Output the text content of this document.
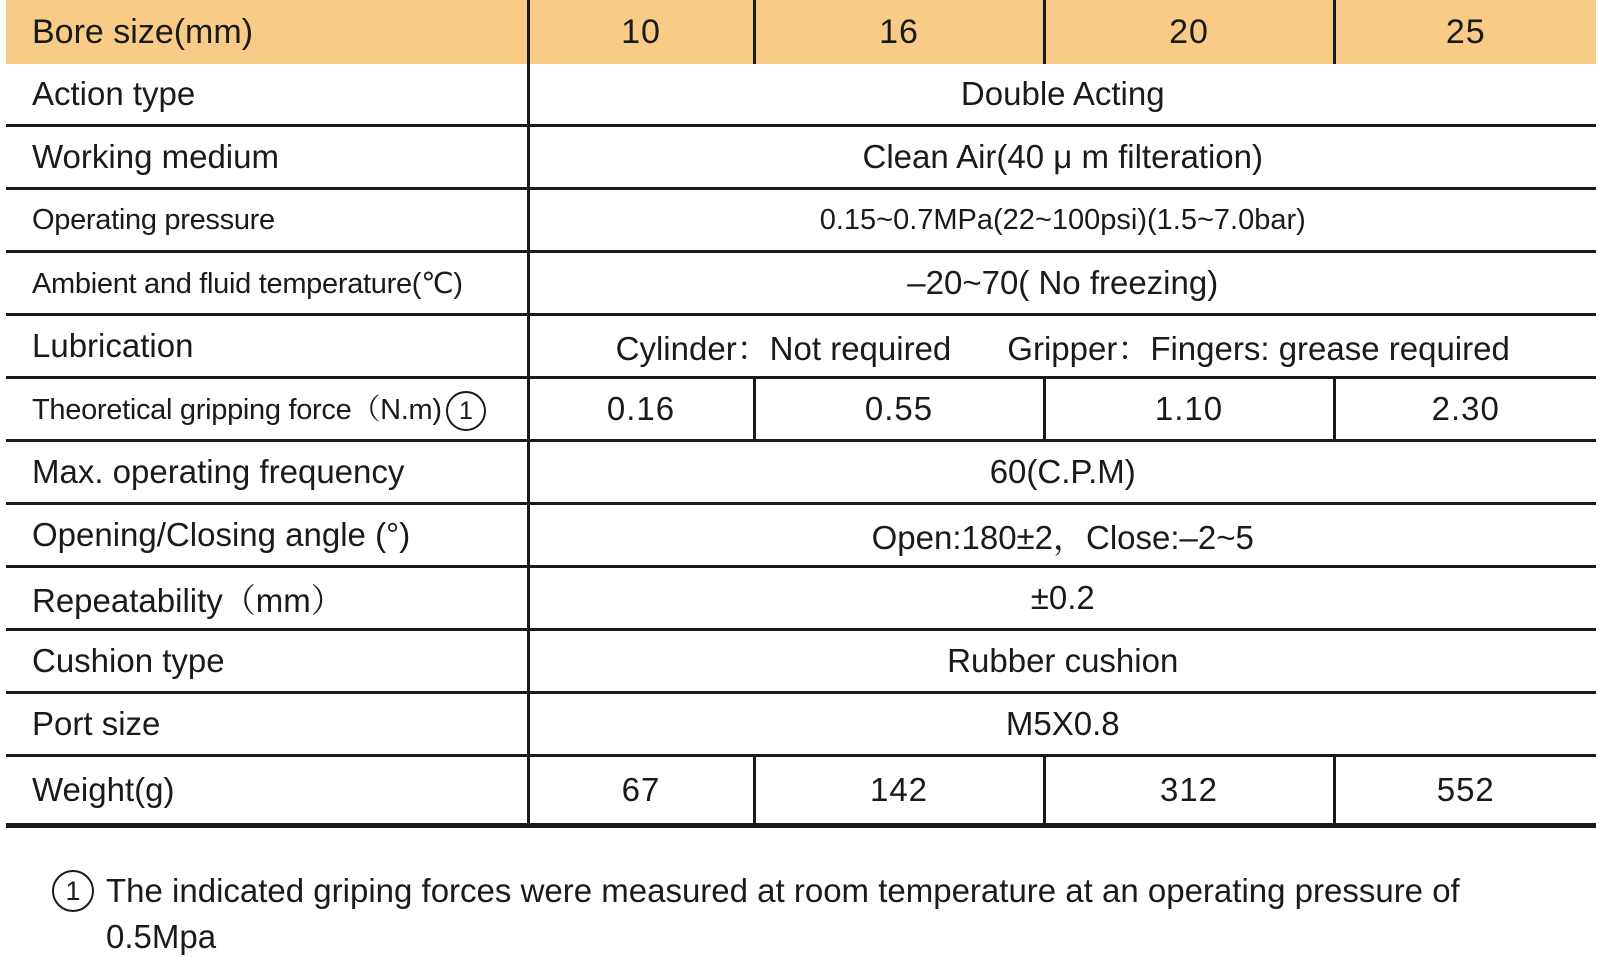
Bore size(mm)	10	16	20	25
Action type	Double Acting			
Working medium	Clean Air(40 μ m filteration)			
Operating pressure	0.15~0.7MPa(22~100psi)(1.5~7.0bar)			
Ambient and fluid temperature(℃)	–20~70( No freezing)			
Lubrication	Cylinder：Not required Gripper：Fingers: grease required			
Theoretical gripping force（N.m) 1	0.16	0.55	1.10	2.30
Max. operating frequency	60(C.P.M)			
Opening/Closing angle (°)	Open:180±2，Close:–2~5			
Repeatability（mm）	±0.2			
Cushion type	Rubber cushion			
Port size	M5X0.8			
Weight(g)	67	142	312	552
1 The indicated griping forces were measured at room temperature at an operating pressure of 0.5Mpa
